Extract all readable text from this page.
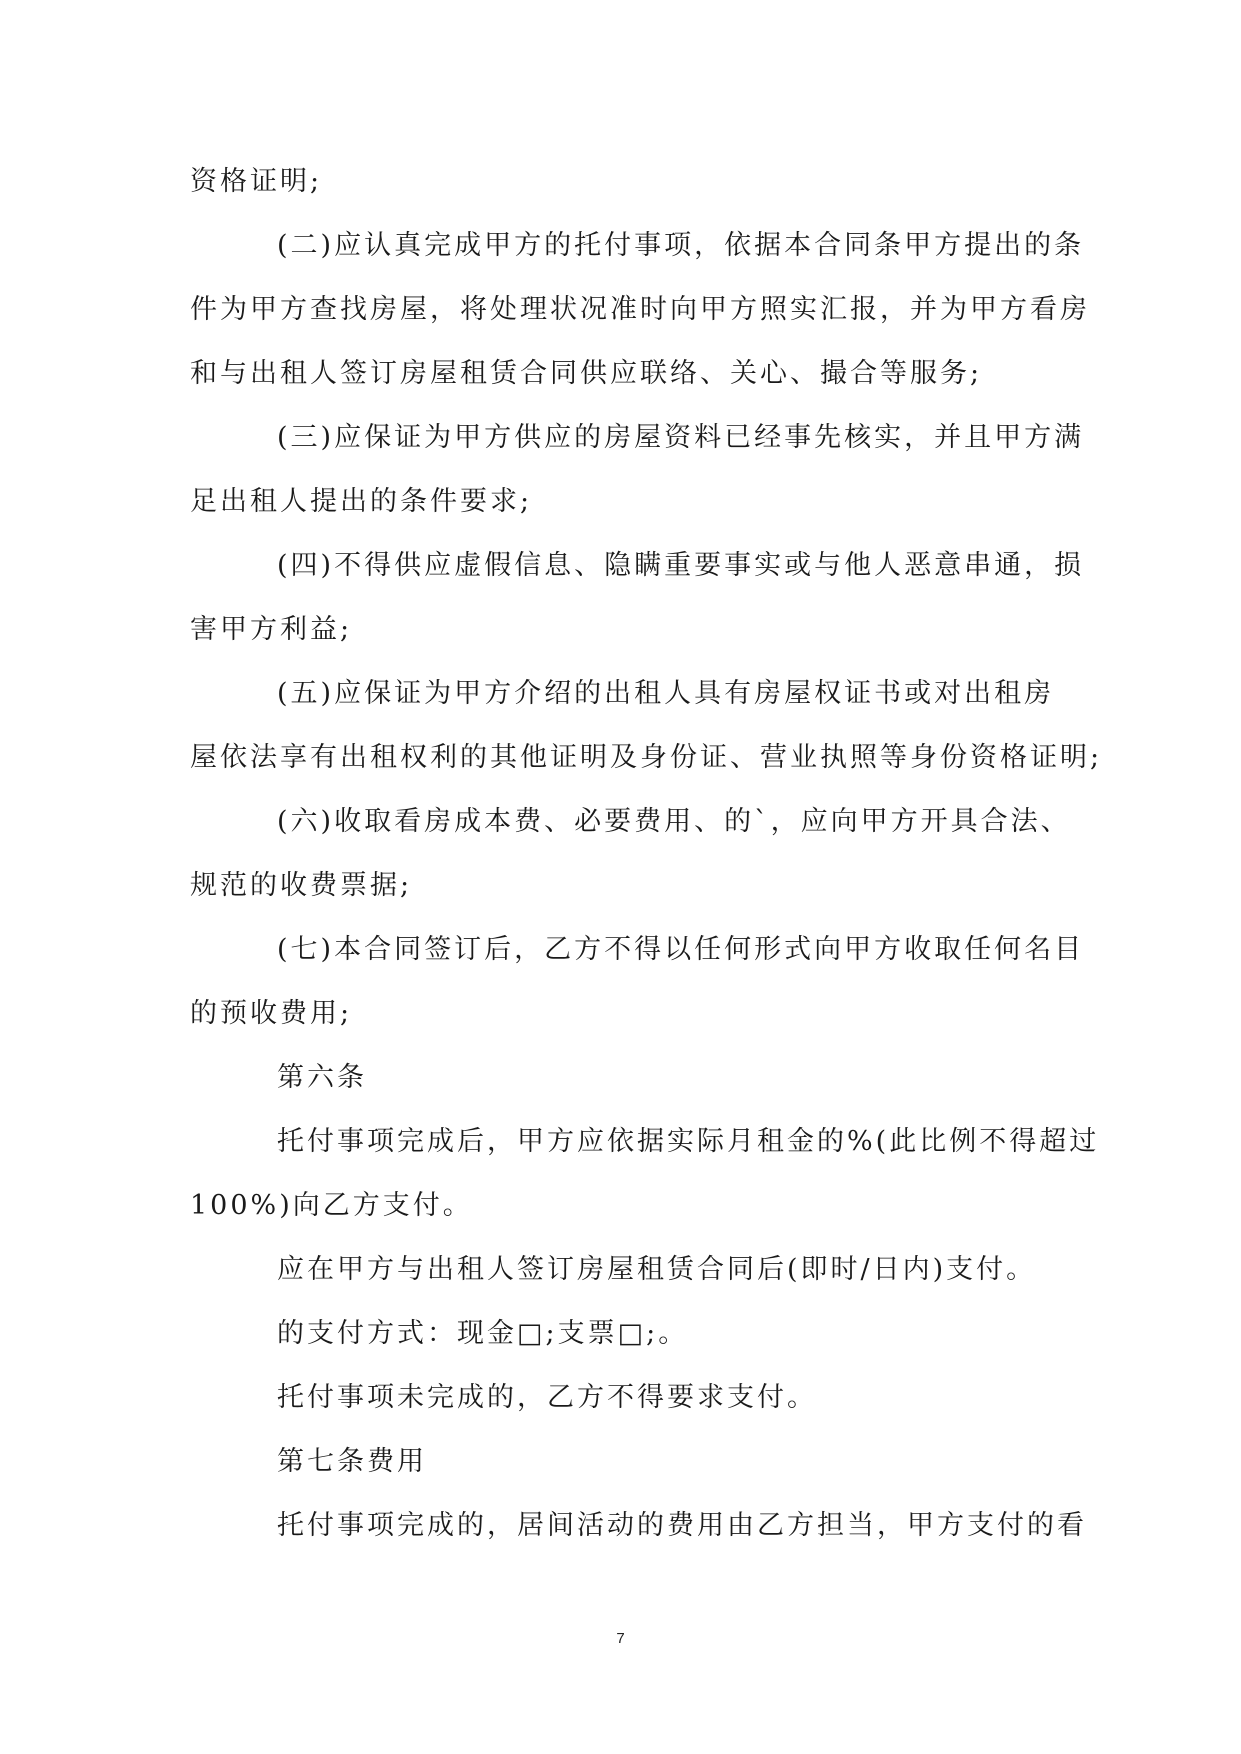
资格证明;
(二)应认真完成甲方的托付事项，依据本合同条甲方提出的条
件为甲方查找房屋，将处理状况准时向甲方照实汇报，并为甲方看房
和与出租人签订房屋租赁合同供应联络、关心、撮合等服务;
(三)应保证为甲方供应的房屋资料已经事先核实，并且甲方满
足出租人提出的条件要求;
(四)不得供应虚假信息、隐瞒重要事实或与他人恶意串通，损
害甲方利益;
(五)应保证为甲方介绍的出租人具有房屋权证书或对出租房
屋依法享有出租权利的其他证明及身份证、营业执照等身份资格证明;
(六)收取看房成本费、必要费用、的`，应向甲方开具合法、
规范的收费票据;
(七)本合同签订后，乙方不得以任何形式向甲方收取任何名目
的预收费用;
第六条
托付事项完成后，甲方应依据实际月租金的%(此比例不得超过
100%)向乙方支付。
应在甲方与出租人签订房屋租赁合同后(即时/日内)支付。
的支付方式：现金□;支票□;。
托付事项未完成的，乙方不得要求支付。
第七条费用
托付事项完成的，居间活动的费用由乙方担当，甲方支付的看
7
